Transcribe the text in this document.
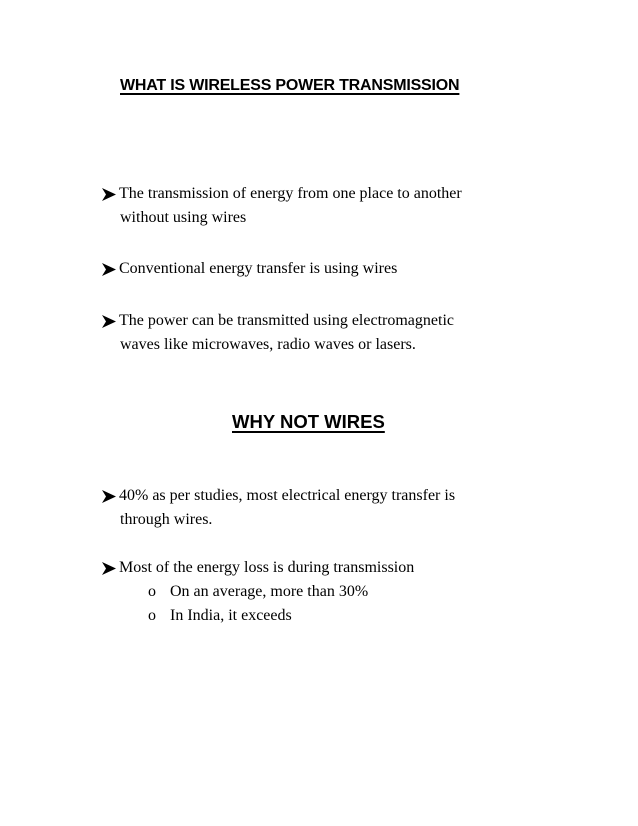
WHAT IS WIRELESS POWER TRANSMISSION
The transmission of energy from one place to another
without using wires
Conventional energy transfer is using wires
The power can be transmitted using electromagnetic
waves like microwaves, radio waves or lasers.
WHY NOT WIRES
40% as per studies, most electrical energy transfer is
through wires.
Most of the energy loss is during transmission
o On an average, more than 30%
o In India, it exceeds
